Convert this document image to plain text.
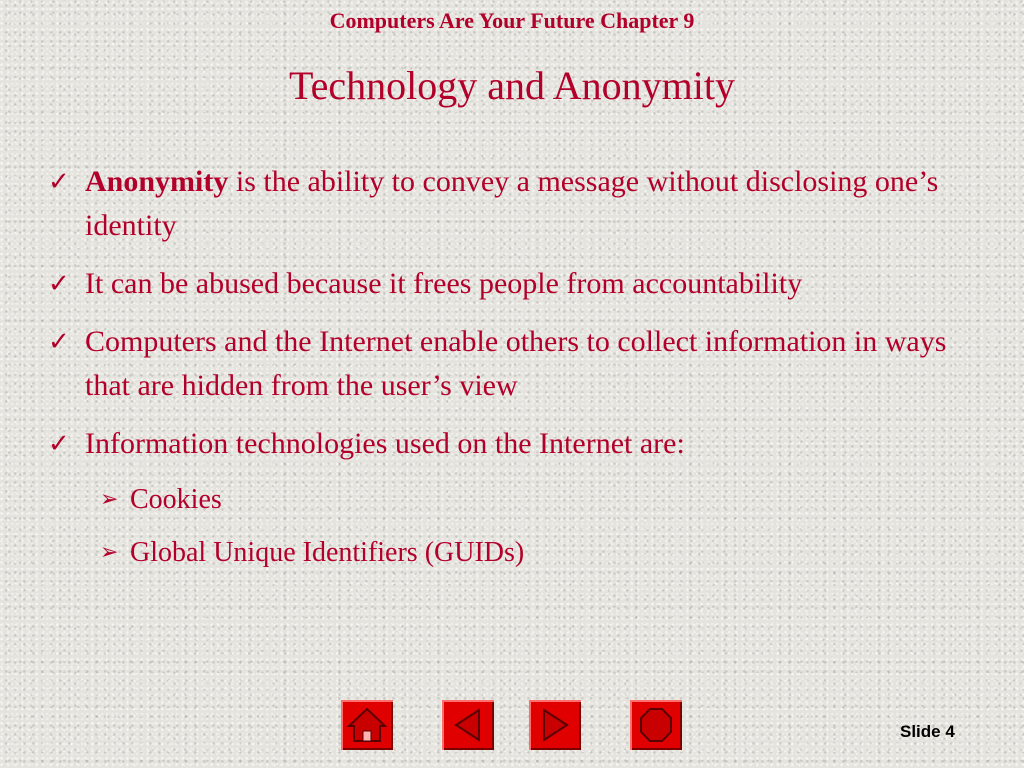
Computers Are Your Future Chapter 9
Technology and Anonymity
✓ Anonymity is the ability to convey a message without disclosing one’s identity
✓ It can be abused because it frees people from accountability
✓ Computers and the Internet enable others to collect information in ways that are hidden from the user’s view
✓ Information technologies used on the Internet are:
➢ Cookies
➢ Global Unique Identifiers (GUIDs)
Slide 4
